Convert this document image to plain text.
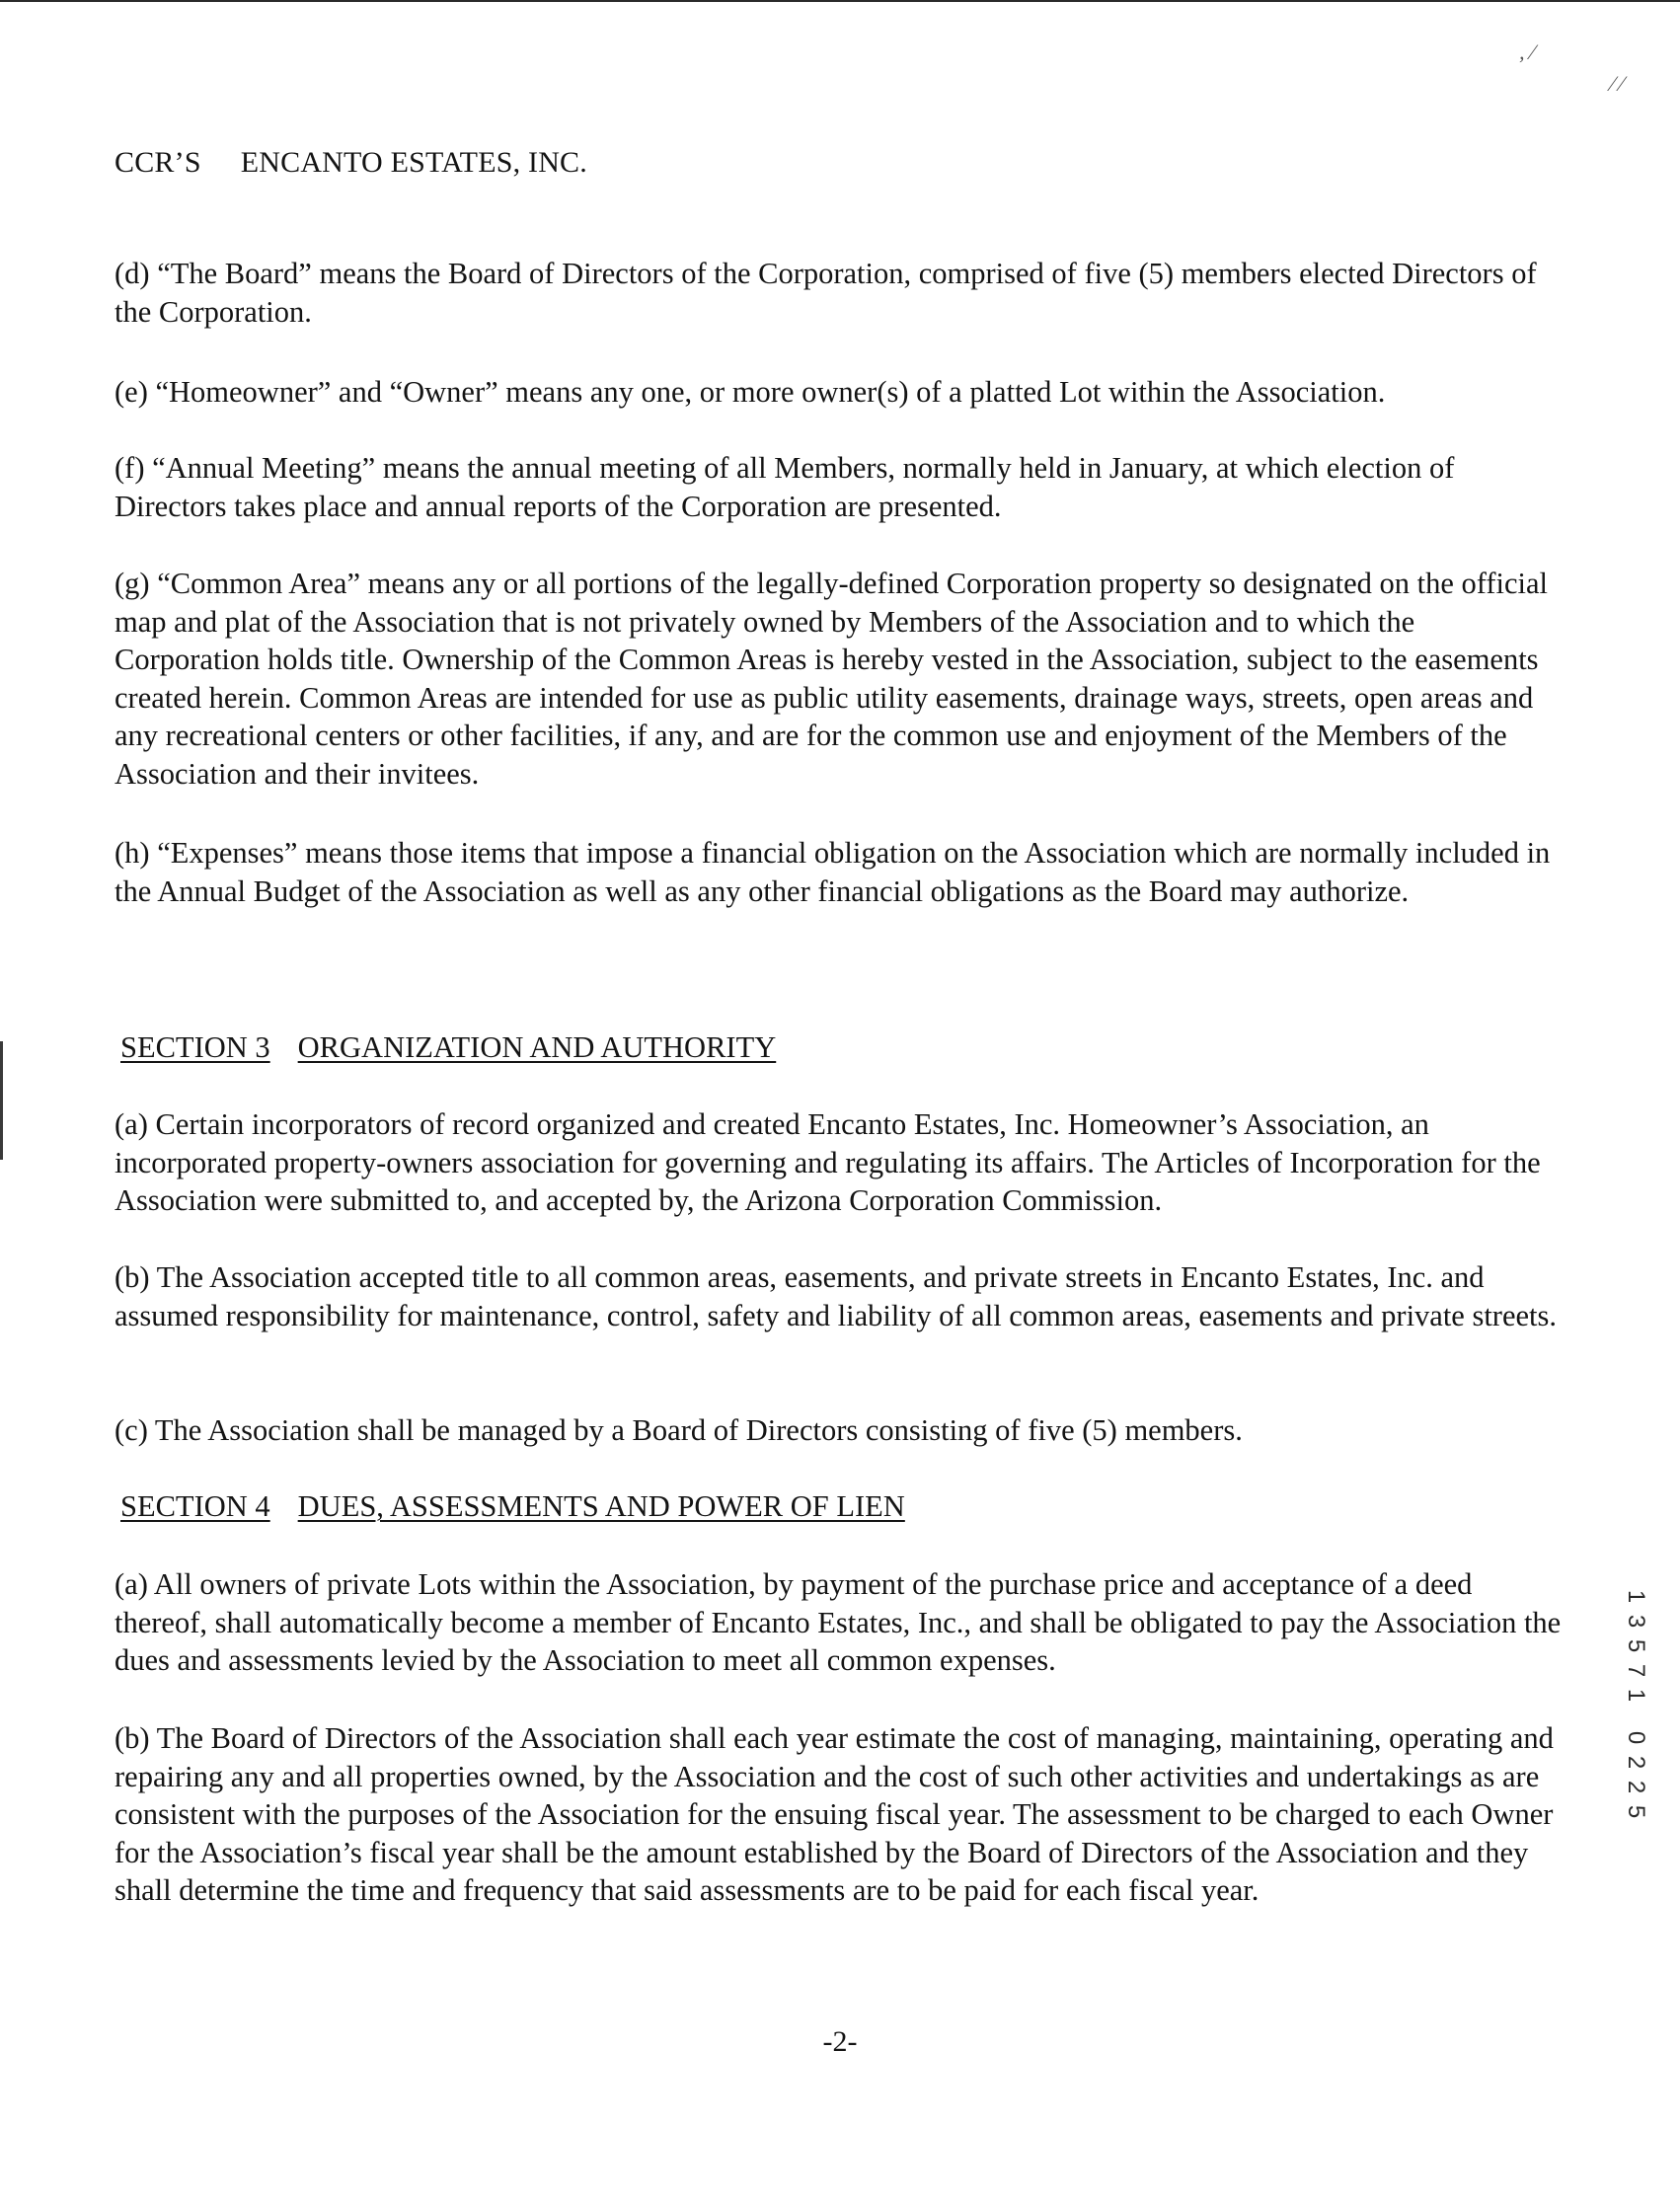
‚ ⁄
⁄ ⁄
CCR’S ENCANTO ESTATES, INC.

(d) “The Board” means the Board of Directors of the Corporation, comprised of five (5) members elected Directors of the Corporation.

(e) “Homeowner” and “Owner” means any one, or more owner(s) of a platted Lot within the Association.

(f) “Annual Meeting” means the annual meeting of all Members, normally held in January, at which election of Directors takes place and annual reports of the Corporation are presented.

(g) “Common Area” means any or all portions of the legally-defined Corporation property so designated on the official map and plat of the Association that is not privately owned by Members of the Association and to which the Corporation holds title. Ownership of the Common Areas is hereby vested in the Association, subject to the easements created herein. Common Areas are intended for use as public utility easements, drainage ways, streets, open areas and any recreational centers or other facilities, if any, and are for the common use and enjoyment of the Members of the Association and their invitees.

(h) “Expenses” means those items that impose a financial obligation on the Association which are normally included in the Annual Budget of the Association as well as any other financial obligations as the Board may authorize.

SECTION 3 ORGANIZATION AND AUTHORITY

(a) Certain incorporators of record organized and created Encanto Estates, Inc. Homeowner’s Association, an incorporated property-owners association for governing and regulating its affairs. The Articles of Incorporation for the Association were submitted to, and accepted by, the Arizona Corporation Commission.

(b) The Association accepted title to all common areas, easements, and private streets in Encanto Estates, Inc. and assumed responsibility for maintenance, control, safety and liability of all common areas, easements and private streets.

(c) The Association shall be managed by a Board of Directors consisting of five (5) members.

SECTION 4 DUES, ASSESSMENTS AND POWER OF LIEN

(a) All owners of private Lots within the Association, by payment of the purchase price and acceptance of a deed thereof, shall automatically become a member of Encanto Estates, Inc., and shall be obligated to pay the Association the dues and assessments levied by the Association to meet all common expenses.

(b) The Board of Directors of the Association shall each year estimate the cost of managing, maintaining, operating and repairing any and all properties owned, by the Association and the cost of such other activities and undertakings as are consistent with the purposes of the Association for the ensuing fiscal year. The assessment to be charged to each Owner for the Association’s fiscal year shall be the amount established by the Board of Directors of the Association and they shall determine the time and frequency that said assessments are to be paid for each fiscal year.

-2-
1
3
5
7
1
0
2
2
5
